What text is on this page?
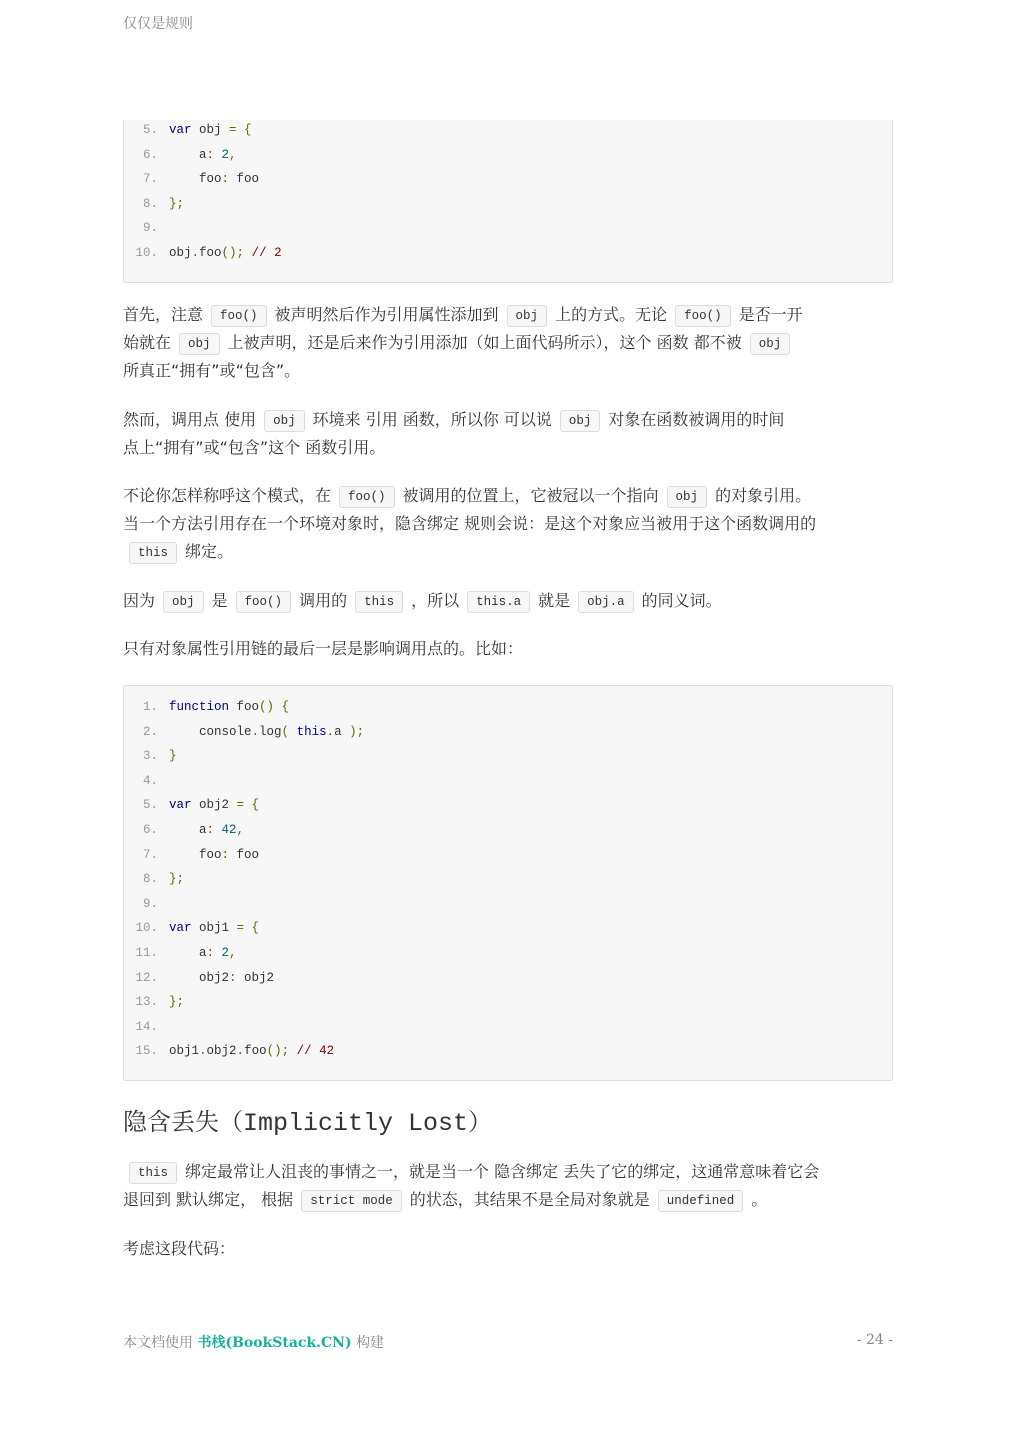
仅仅是规则
5. var obj = {
6. a: 2,
7. foo: foo
8. };
9.
10. obj.foo(); // 2
首先，注意 foo() 被声明然后作为引用属性添加到 obj 上的方式。无论 foo() 是否一开
始就在 obj 上被声明，还是后来作为引用添加（如上面代码所示），这个 函数 都不被 obj
所真正“拥有”或“包含”。
然而，调用点 使用 obj 环境来 引用 函数，所以你 可以说 obj 对象在函数被调用的时间
点上“拥有”或“包含”这个 函数引用。
不论你怎样称呼这个模式，在 foo() 被调用的位置上，它被冠以一个指向 obj 的对象引用。
当一个方法引用存在一个环境对象时，隐含绑定 规则会说：是这个对象应当被用于这个函数调用的
this 绑定。
因为 obj 是 foo() 调用的 this ，所以 this.a 就是 obj.a 的同义词。
只有对象属性引用链的最后一层是影响调用点的。比如：
1. function foo() {
2. console.log( this.a );
3. }
4.
5. var obj2 = {
6. a: 42,
7. foo: foo
8. };
9.
10. var obj1 = {
11. a: 2,
12. obj2: obj2
13. };
14.
15. obj1.obj2.foo(); // 42
隐含丢失（Implicitly Lost）
this 绑定最常让人沮丧的事情之一，就是当一个 隐含绑定 丢失了它的绑定，这通常意味着它会
退回到 默认绑定， 根据 strict mode 的状态，其结果不是全局对象就是 undefined 。
考虑这段代码：
本文档使用 书栈(BookStack.CN) 构建	- 24 -
